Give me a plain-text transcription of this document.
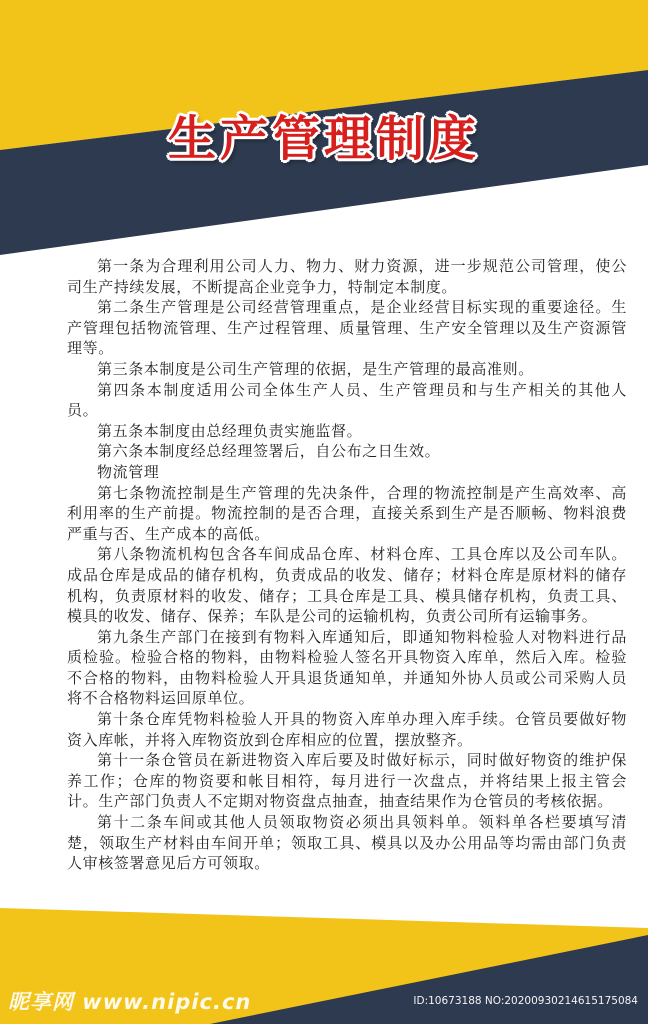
生产管理制度

第一条为合理利用公司人力、物力、财力资源，进一步规范公司管理，使公司生产持续发展，不断提高企业竞争力，特制定本制度。

第二条生产管理是公司经营管理重点，是企业经营目标实现的重要途径。生产管理包括物流管理、生产过程管理、质量管理、生产安全管理以及生产资源管理等。

第三条本制度是公司生产管理的依据，是生产管理的最高准则。

第四条本制度适用公司全体生产人员、生产管理员和与生产相关的其他人员。

第五条本制度由总经理负责实施监督。

第六条本制度经总经理签署后，自公布之日生效。

物流管理

第七条物流控制是生产管理的先决条件，合理的物流控制是产生高效率、高利用率的生产前提。物流控制的是否合理，直接关系到生产是否顺畅、物料浪费严重与否、生产成本的高低。

第八条物流机构包含各车间成品仓库、材料仓库、工具仓库以及公司车队。成品仓库是成品的储存机构，负责成品的收发、储存；材料仓库是原材料的储存机构，负责原材料的收发、储存；工具仓库是工具、模具储存机构，负责工具、模具的收发、储存、保养；车队是公司的运输机构，负责公司所有运输事务。

第九条生产部门在接到有物料入库通知后，即通知物料检验人对物料进行品质检验。检验合格的物料，由物料检验人签名开具物资入库单，然后入库。检验不合格的物料，由物料检验人开具退货通知单，并通知外协人员或公司采购人员将不合格物料运回原单位。

第十条仓库凭物料检验人开具的物资入库单办理入库手续。仓管员要做好物资入库帐，并将入库物资放到仓库相应的位置，摆放整齐。

第十一条仓管员在新进物资入库后要及时做好标示，同时做好物资的维护保养工作；仓库的物资要和帐目相符，每月进行一次盘点，并将结果上报主管会计。生产部门负责人不定期对物资盘点抽查，抽查结果作为仓管员的考核依据。

第十二条车间或其他人员领取物资必须出具领料单。领料单各栏要填写清楚，领取生产材料由车间开单；领取工具、模具以及办公用品等均需由部门负责人审核签署意见后方可领取。

昵享网 www.nipic.cn	ID:10673188 NO:20200930214615175084
